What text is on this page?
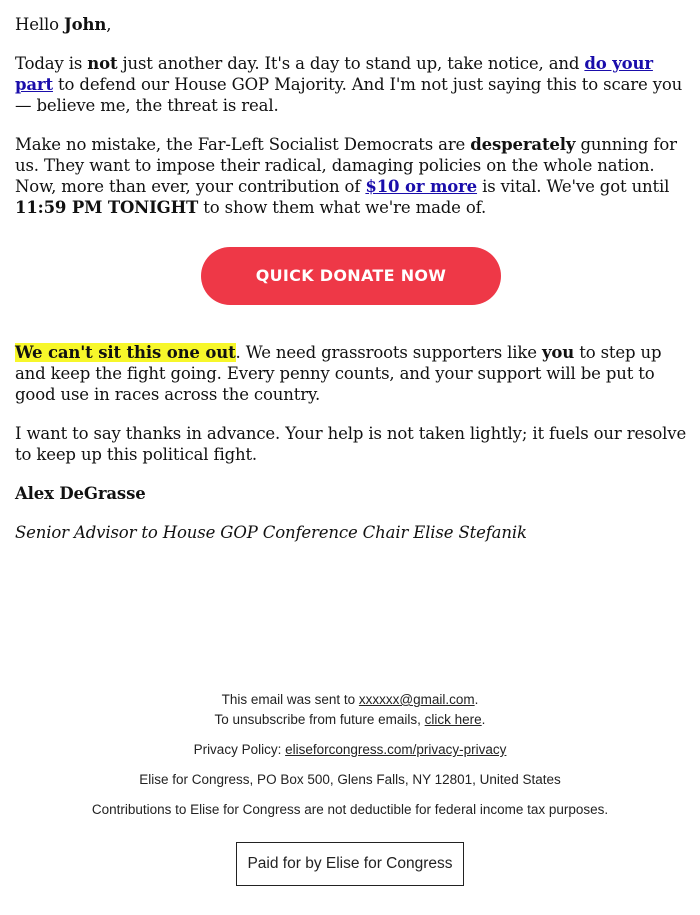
Hello John,

Today is not just another day. It's a day to stand up, take notice, and do your part to defend our House GOP Majority. And I'm not just saying this to scare you— believe me, the threat is real.

Make no mistake, the Far-Left Socialist Democrats are desperately gunning for us. They want to impose their radical, damaging policies on the whole nation. Now, more than ever, your contribution of $10 or more is vital. We've got until 11:59 PM TONIGHT to show them what we're made of.

QUICK DONATE NOW

We can't sit this one out. We need grassroots supporters like you to step up and keep the fight going. Every penny counts, and your support will be put to good use in races across the country.

I want to say thanks in advance. Your help is not taken lightly; it fuels our resolve to keep up this political fight.

Alex DeGrasse

Senior Advisor to House GOP Conference Chair Elise Stefanik

This email was sent to xxxxxx@gmail.com.
To unsubscribe from future emails, click here.

Privacy Policy: eliseforcongress.com/privacy-privacy

Elise for Congress, PO Box 500, Glens Falls, NY 12801, United States

Contributions to Elise for Congress are not deductible for federal income tax purposes.

Paid for by Elise for Congress
